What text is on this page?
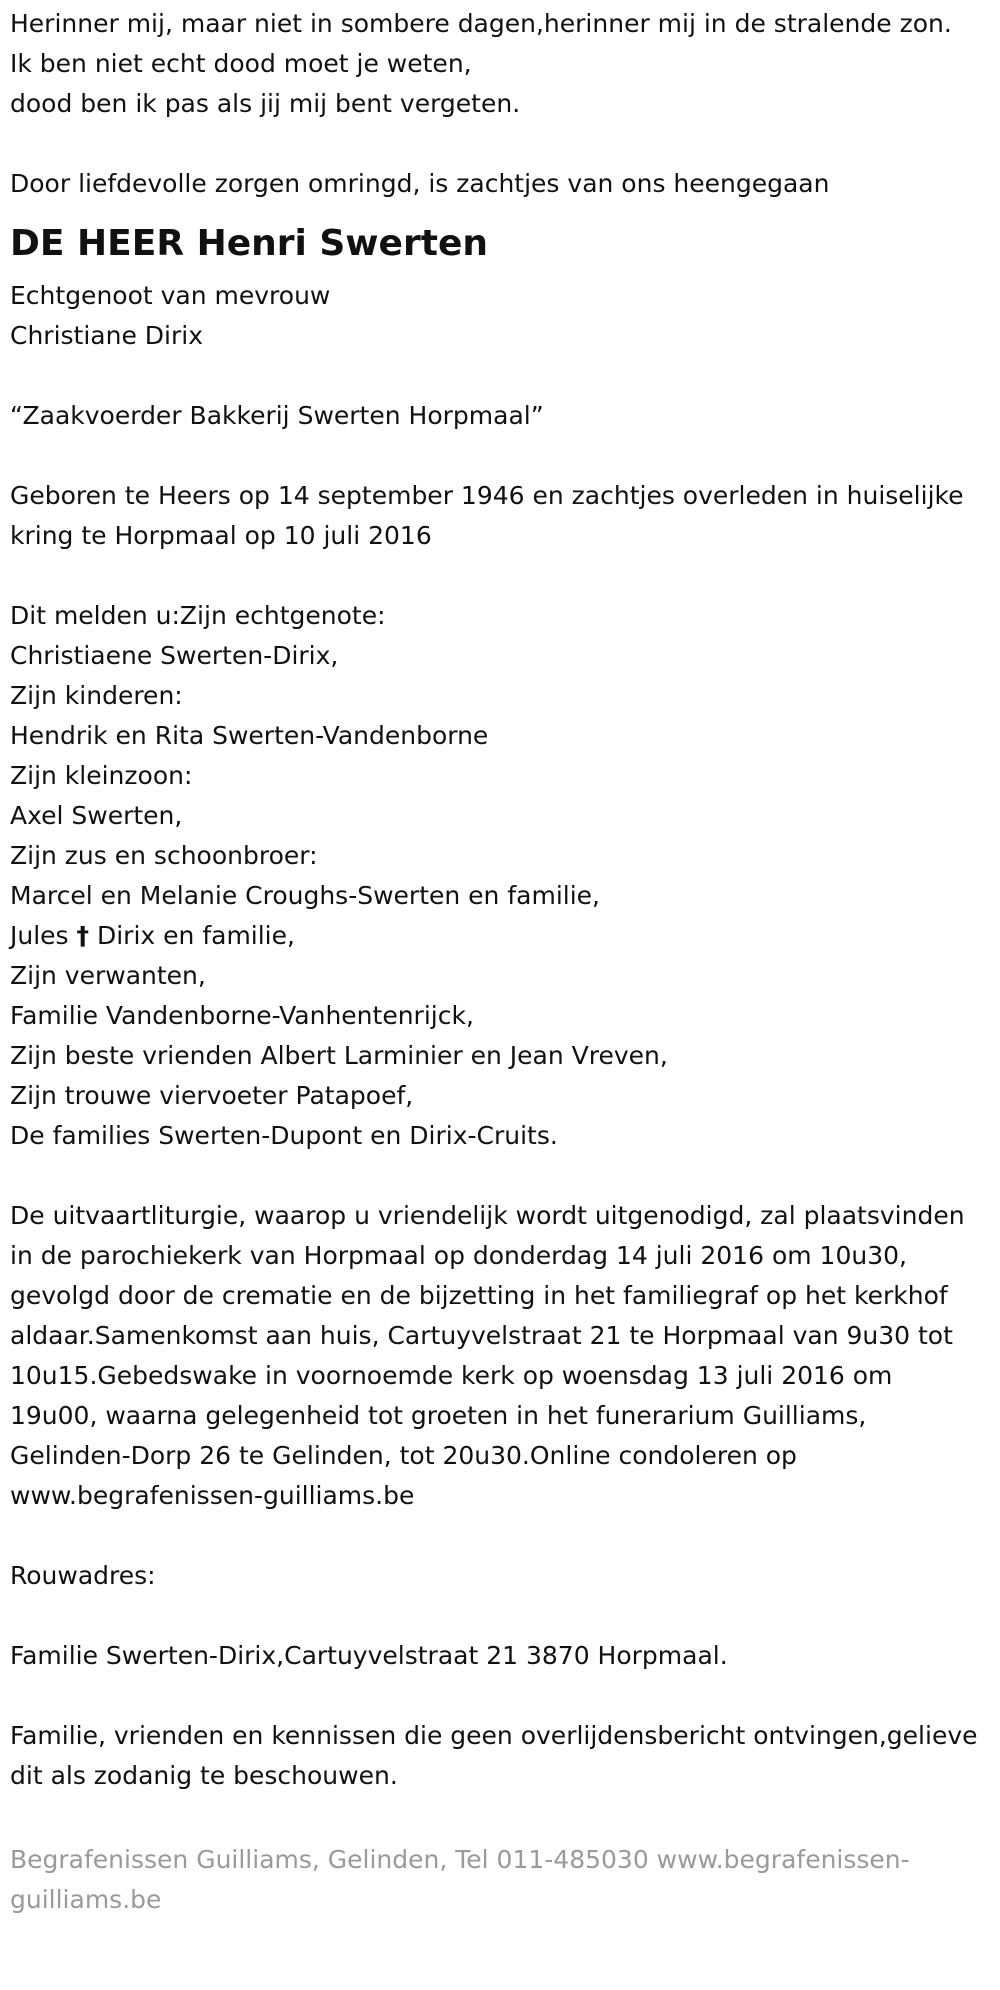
Herinner mij, maar niet in sombere dagen,herinner mij in de stralende zon.
Ik ben niet echt dood moet je weten,
dood ben ik pas als jij mij bent vergeten.
Door liefdevolle zorgen omringd, is zachtjes van ons heengegaan
DE HEER Henri Swerten
Echtgenoot van mevrouw
Christiane Dirix
“Zaakvoerder Bakkerij Swerten Horpmaal”
Geboren te Heers op 14 september 1946 en zachtjes overleden in huiselijke kring te Horpmaal op 10 juli 2016
Dit melden u:Zijn echtgenote:
Christiaene Swerten-Dirix,
Zijn kinderen:
Hendrik en Rita Swerten-Vandenborne
Zijn kleinzoon:
Axel Swerten,
Zijn zus en schoonbroer:
Marcel en Melanie Croughs-Swerten en familie,
Jules † Dirix en familie,
Zijn verwanten,
Familie Vandenborne-Vanhentenrijck,
Zijn beste vrienden Albert Larminier en Jean Vreven,
Zijn trouwe viervoeter Patapoef,
De families Swerten-Dupont en Dirix-Cruits.
De uitvaartliturgie, waarop u vriendelijk wordt uitgenodigd, zal plaatsvinden in de parochiekerk van Horpmaal op donderdag 14 juli 2016 om 10u30, gevolgd door de crematie en de bijzetting in het familiegraf op het kerkhof aldaar.Samenkomst aan huis, Cartuyvelstraat 21 te Horpmaal van 9u30 tot 10u15.Gebedswake in voornoemde kerk op woensdag 13 juli 2016 om 19u00, waarna gelegenheid tot groeten in het funerarium Guilliams, Gelinden-Dorp 26 te Gelinden, tot 20u30.Online condoleren op www.begrafenissen-guilliams.be
Rouwadres:
Familie Swerten-Dirix,Cartuyvelstraat 21 3870 Horpmaal.
Familie, vrienden en kennissen die geen overlijdensbericht ontvingen,gelieve dit als zodanig te beschouwen.
Begrafenissen Guilliams, Gelinden, Tel 011-485030 www.begrafenissen-guilliams.be
